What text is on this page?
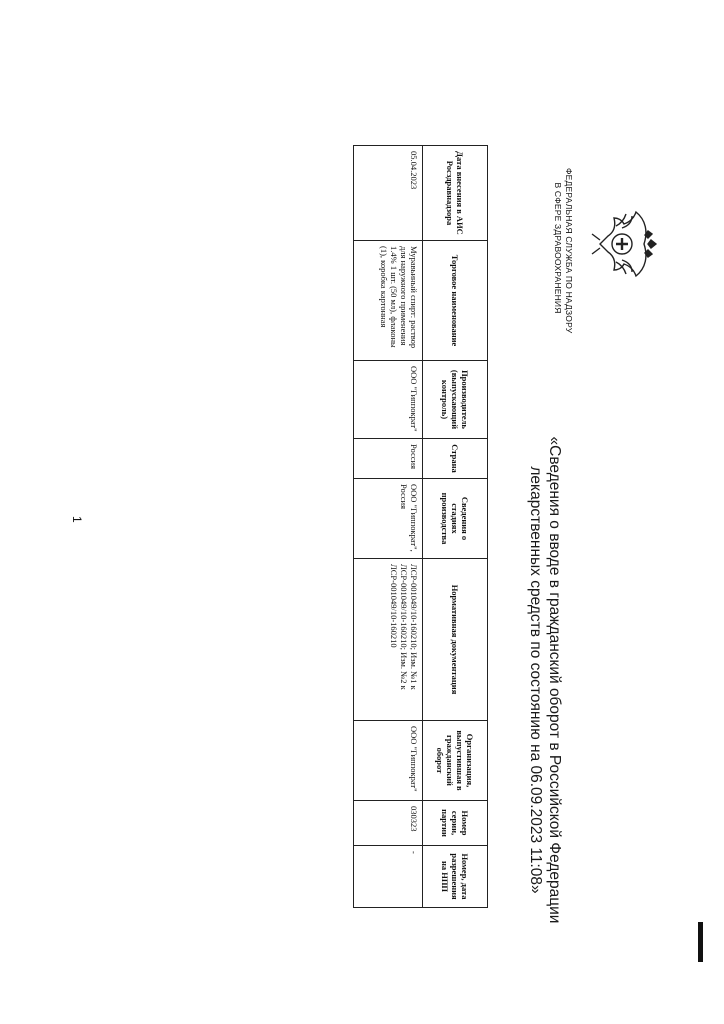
ФЕДЕРАЛЬНАЯ СЛУЖБА ПО НАДЗОРУ
В СФЕРЕ ЗДРАВООХРАНЕНИЯ
«Сведения о вводе в гражданский оборот в Российской Федерации
лекарственных средств по состоянию на 06.09.2023 11:08»
Дата внесения в АИС Росздравнадзора	Торговое наименование	Производитель (выпускающий контроль)	Страна	Сведения о стадиях производства	Нормативная документация	Организация, выпустившая в гражданский оборот	Номер серии, партии	Номер, дата разрешения на НПП
05.04.2023	Муравьиный спирт: раствор для наружного применения 1.4% 1 шт. (50 мл), флаконы (1), коробка картонная	ООО "Гиппократ"	Россия	ООО "Гиппократ", Россия	ЛСР-001049/10-160210; Изм. №1 к ЛСР-001049/10-160210; Изм. №2 к ЛСР-001049/10-160210	ООО "Гиппократ"	030323	-
1
